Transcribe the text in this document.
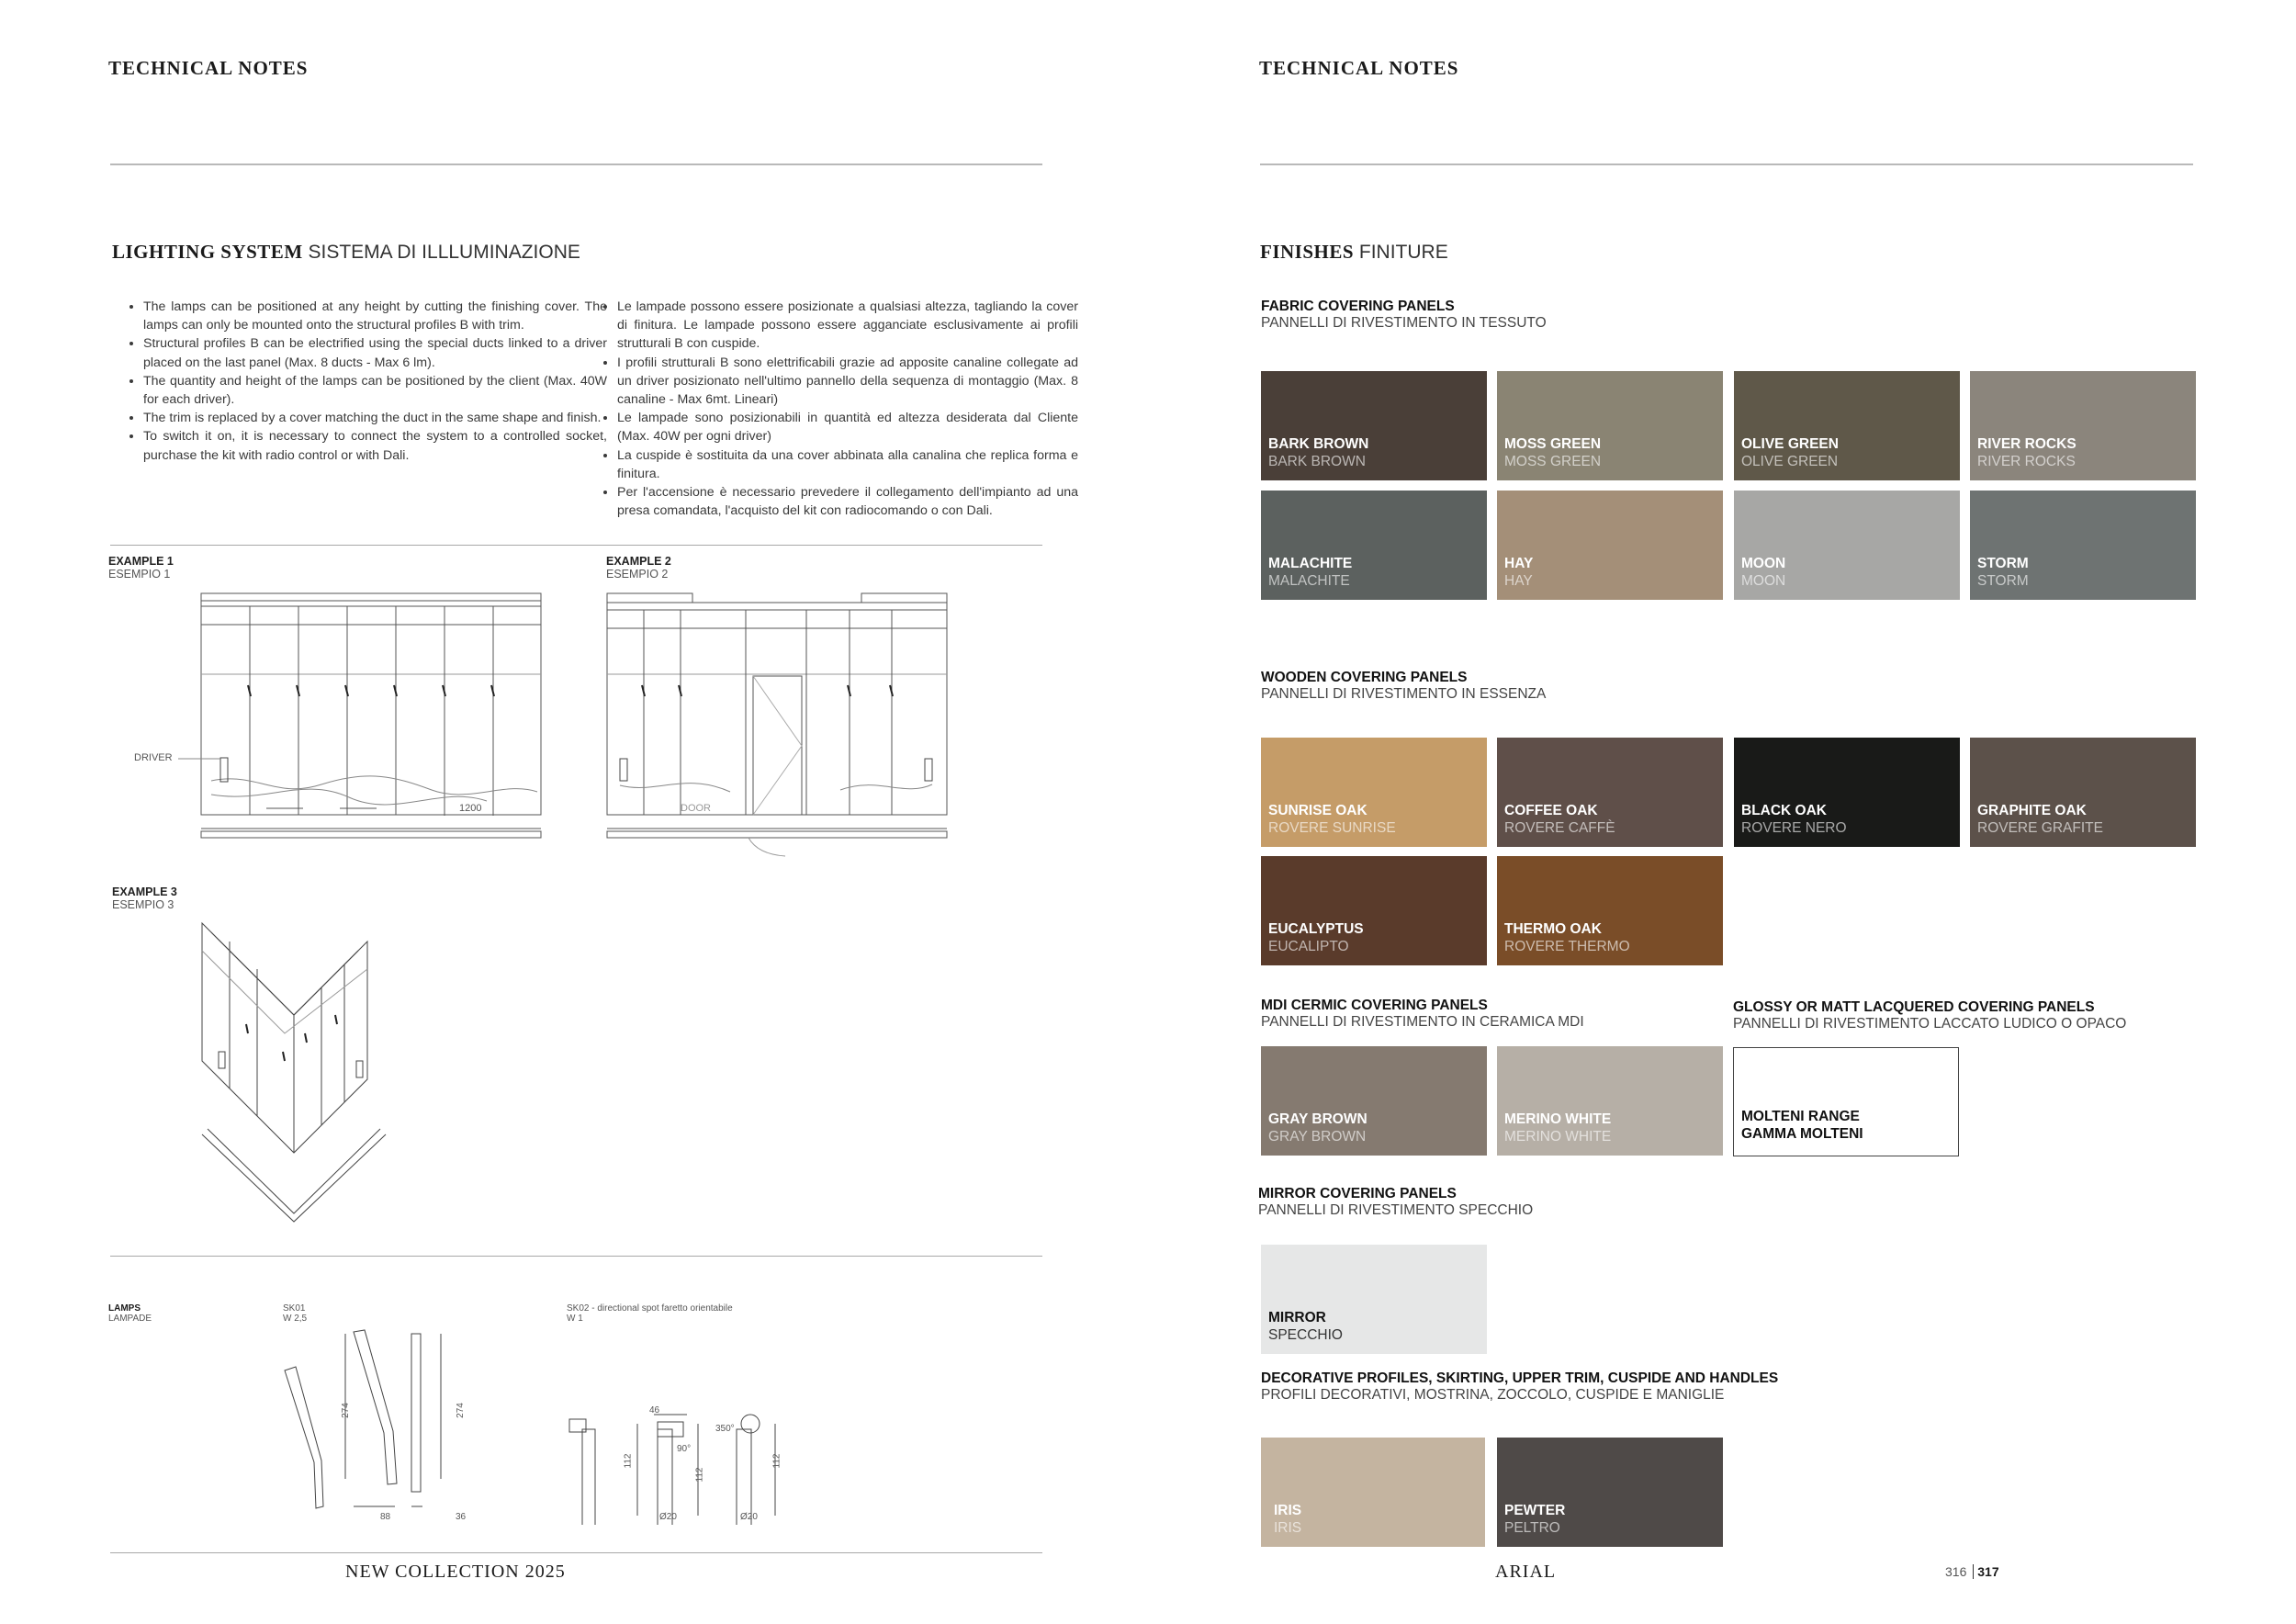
TECHNICAL NOTES
LIGHTING SYSTEM SISTEMA DI ILLLUMINAZIONE
• The lamps can be positioned at any height by cutting the finishing cover. The lamps can only be mounted onto the structural profiles B with trim.
• Structural profiles B can be electrified using the special ducts linked to a driver placed on the last panel (Max. 8 ducts - Max 6 lm).
• The quantity and height of the lamps can be positioned by the client (Max. 40W for each driver).
• The trim is replaced by a cover matching the duct in the same shape and finish.
• To switch it on, it is necessary to connect the system to a controlled socket, purchase the kit with radio control or with Dali.
• Le lampade possono essere posizionate a qualsiasi altezza, tagliando la cover di finitura. Le lampade possono essere agganciate esclusivamente ai profili strutturali B con cuspide.
• I profili strutturali B sono elettrificabili grazie ad apposite canaline collegate ad un driver posizionato nell'ultimo pannello della sequenza di montaggio (Max. 8 canaline - Max 6mt. Lineari)
• Le lampade sono posizionabili in quantità ed altezza desiderata dal Cliente (Max. 40W per ogni driver)
• La cuspide è sostituita da una cover abbinata alla canalina che replica forma e finitura.
• Per l'accensione è necessario prevedere il collegamento dell'impianto ad una presa comandata, l'acquisto del kit con radiocomando o con Dali.
EXAMPLE 1
ESEMPIO 1
EXAMPLE 2
ESEMPIO 2
EXAMPLE 3
ESEMPIO 3
DRIVER
1200	DOOR
LAMPS
LAMPADE
SK01
W 2,5
SK02 - directional spot faretto orientabile
W 1
274	274
88	36
46
112
112
112
90°
350°
Ø20	Ø20
NEW COLLECTION 2025
TECHNICAL NOTES
FINISHES FINITURE
FABRIC COVERING PANELS
PANNELLI DI RIVESTIMENTO IN TESSUTO
BARK BROWN
BARK BROWN
MOSS GREEN
MOSS GREEN
OLIVE GREEN
OLIVE GREEN
RIVER ROCKS
RIVER ROCKS
MALACHITE
MALACHITE
HAY
HAY
MOON
MOON
STORM
STORM
WOODEN COVERING PANELS
PANNELLI DI RIVESTIMENTO IN ESSENZA
SUNRISE OAK
ROVERE SUNRISE
COFFEE OAK
ROVERE CAFFÈ
BLACK OAK
ROVERE NERO
GRAPHITE OAK
ROVERE GRAFITE
EUCALYPTUS
EUCALIPTO
THERMO OAK
ROVERE THERMO
MDI CERMIC COVERING PANELS
PANNELLI DI RIVESTIMENTO IN CERAMICA MDI
GRAY BROWN
GRAY BROWN
MERINO WHITE
MERINO WHITE
GLOSSY OR MATT LACQUERED COVERING PANELS
PANNELLI DI RIVESTIMENTO LACCATO LUDICO O OPACO
MOLTENI RANGE
GAMMA MOLTENI
MIRROR COVERING PANELS
PANNELLI DI RIVESTIMENTO SPECCHIO
MIRROR
SPECCHIO
DECORATIVE PROFILES, SKIRTING, UPPER TRIM, CUSPIDE AND HANDLES
PROFILI DECORATIVI, MOSTRINA, ZOCCOLO, CUSPIDE E MANIGLIE
IRIS
IRIS
PEWTER
PELTRO
ARIAL	316 317
